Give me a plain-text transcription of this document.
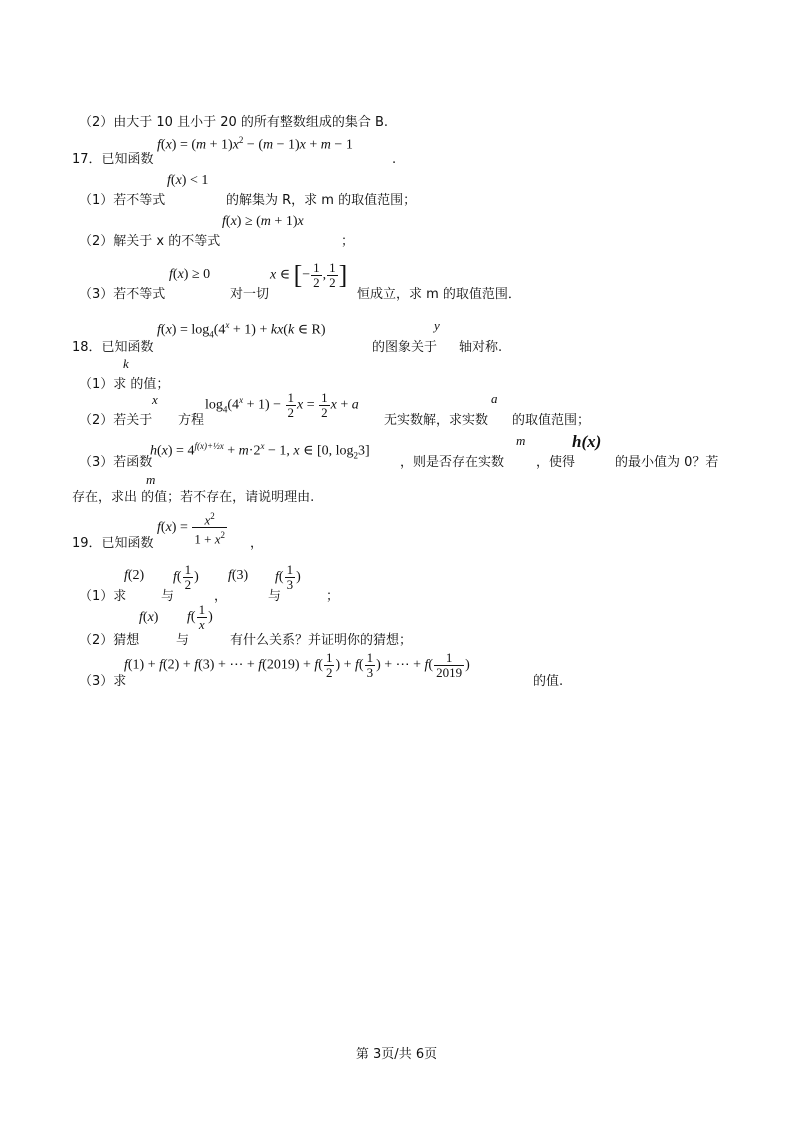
（2）由大于 10 且小于 20 的所有整数组成的集合 B.
$f(x) = (m + 1)x^2 - (m - 1)x + m - 1$
17．已知函数	.
f(x) < 1
（1）若不等式	的解集为 R，求 m 的取值范围；
f(x) ≥ (m + 1)x
（2）解关于 x 的不等式	；
f(x) ≥ 0	x ∈ [− $\frac{1}{2}$ , $\frac{1}{2}$ ]
（3）若不等式	对一切	恒成立，求 m 的取值范围．
$f(x) = \log_4(4^x + 1) + kx(k$ ∈ R)	y
18．已知函数	的图象关于 轴对称.
k
（1）求 的值；
x	$\log_4(4^x + 1) - \frac{1}{2}$ $x = \frac{1}{2}$ x + a	a
（2）若关于 方程	无实数解，求实数 的取值范围；
$h(x) = 4^{f(x)+\frac{1}{2}x} + m\cdot 2^x - 1$, x ∈ [0, $\log_23$]
m	h(x)
（3）若函数	，则是否存在实数 ，使得	的最小值为 0？若
m
存在，求出 的值；若不存在，请说明理由.
$f(x) = \frac{x^2}{1 + x^2}$
19．已知函数	，
f(2) $f( \frac{1}{2}$ ) f(3) $f( \frac{1}{3}$ )
（1）求	与	，	与	；
f(x) $f( \frac{1}{x}$ )
（2）猜想	与	有什么关系？并证明你的猜想；
f(1) + f(2) + f(3) + ⋯ + $f(2019) + f( \frac{1}{2}$ ) + $f( \frac{1}{3}$ ) + ⋯ + $f( \frac{1}{2019}$ )
（3）求	的值.
第 3页/共 6页
